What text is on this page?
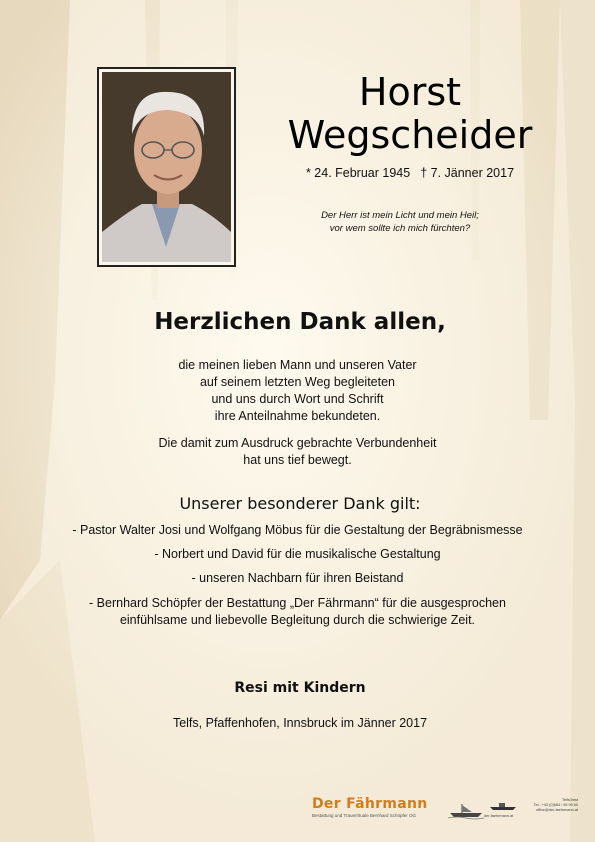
Horst
Wegscheider
* 24. Februar 1945 † 7. Jänner 2017
Der Herr ist mein Licht und mein Heil;
vor wem sollte ich mich fürchten?
Herzlichen Dank allen,
die meinen lieben Mann und unseren Vater
auf seinem letzten Weg begleiteten
und uns durch Wort und Schrift
ihre Anteilnahme bekundeten.
Die damit zum Ausdruck gebrachte Verbundenheit
hat uns tief bewegt.
Unserer besonderer Dank gilt:
- Pastor Walter Josi und Wolfgang Möbus für die Gestaltung der Begräbnismesse
- Norbert und David für die musikalische Gestaltung
- unseren Nachbarn für ihren Beistand
- Bernhard Schöpfer der Bestattung „Der Fährmann“ für die ausgesprochen
einfühlsame und liebevolle Begleitung durch die schwierige Zeit.
Resi mit Kindern
Telfs, Pfaffenhofen, Innsbruck im Jänner 2017
Der Fährmann
Bestattung und Trauerrituale Bernhard Schöpfer OG
Telfs/Imst
Tel.: +43 (0)664 / 95 99 60
office@der-faehrmann.at
der-faehrmann.at
